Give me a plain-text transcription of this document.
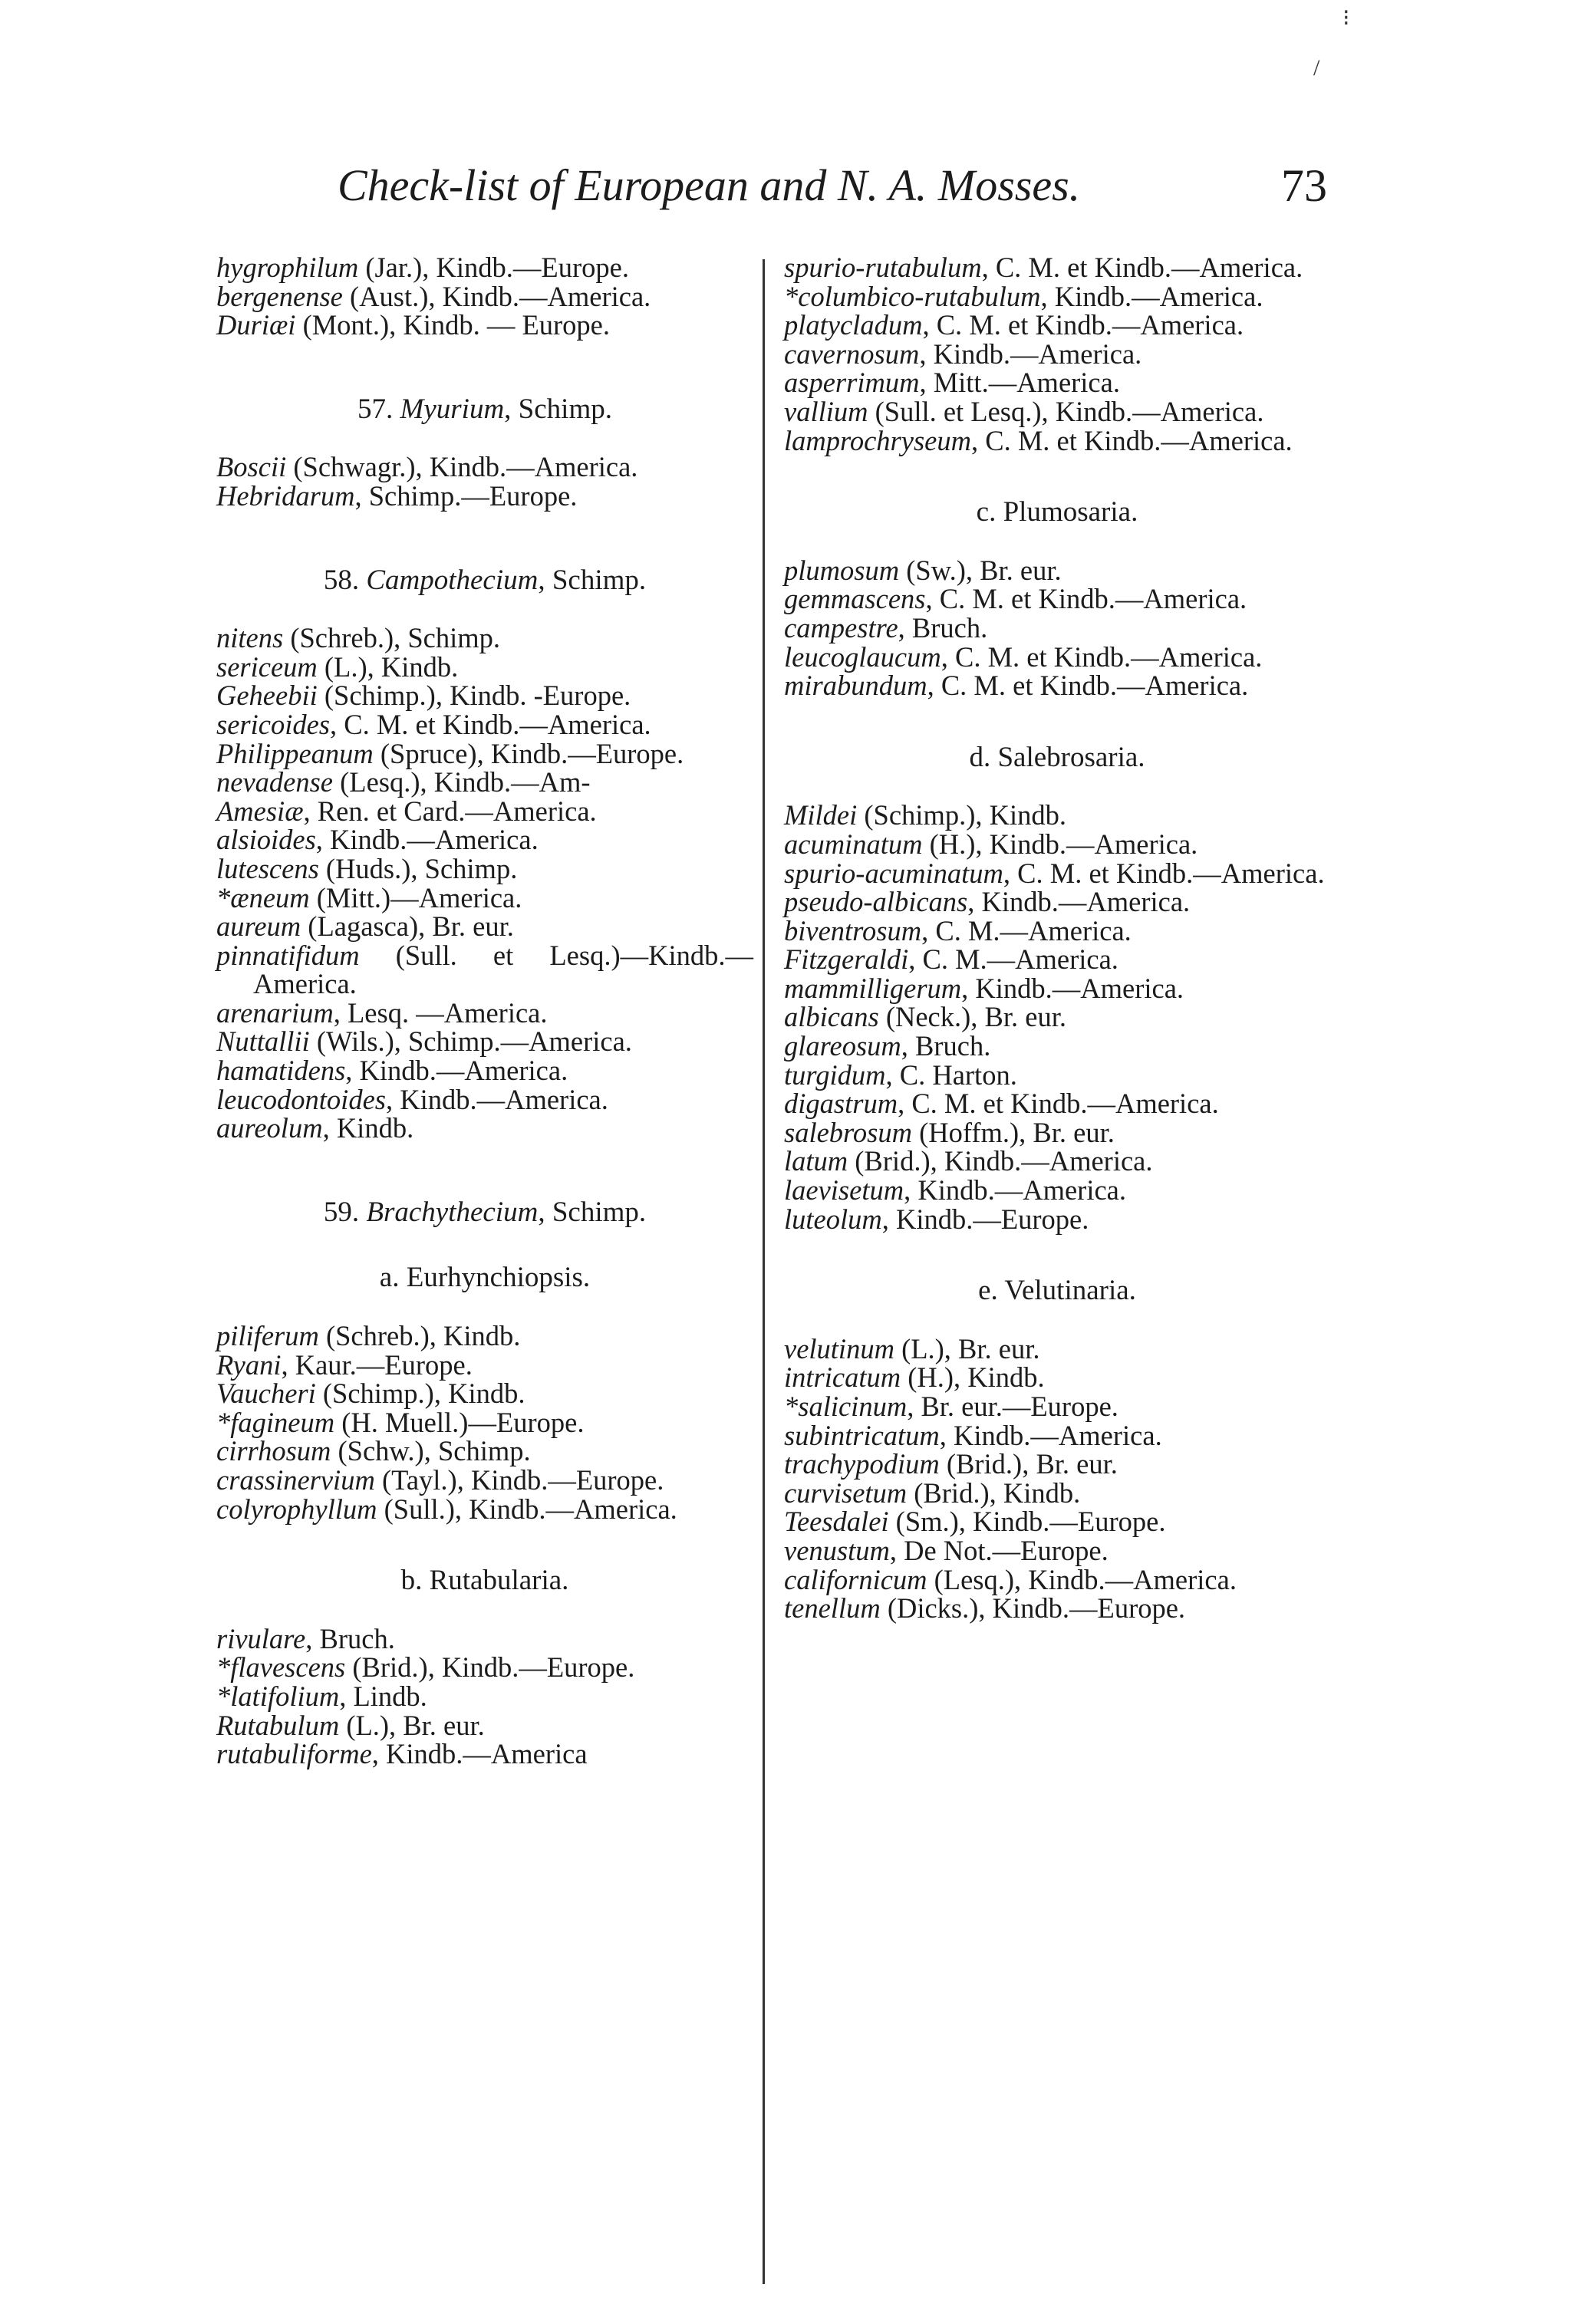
Check-list of European and N. A. Mosses.	73
⁝
/
hygrophilum (Jar.), Kindb.—Europe.
bergenense (Aust.), Kindb.—America.
Duriæi (Mont.), Kindb. — Europe.
57. Myurium, Schimp.
Boscii (Schwagr.), Kindb.—America.
Hebridarum, Schimp.—Europe.
58. Campothecium, Schimp.
nitens (Schreb.), Schimp.
sericeum (L.), Kindb.
Geheebii (Schimp.), Kindb. -Europe.
sericoides, C. M. et Kindb.—America.
Philippeanum (Spruce), Kindb.—Europe.
nevadense (Lesq.), Kindb.—Am-
Amesiæ, Ren. et Card.—America.
alsioides, Kindb.—America.
lutescens (Huds.), Schimp.
*æneum (Mitt.)—America.
aureum (Lagasca), Br. eur.
pinnatifidum (Sull. et Lesq.)—Kindb.—America.
arenarium, Lesq. —America.
Nuttallii (Wils.), Schimp.—America.
hamatidens, Kindb.—America.
leucodontoides, Kindb.—America.
aureolum, Kindb.
59. Brachythecium, Schimp.
a. Eurhynchiopsis.
piliferum (Schreb.), Kindb.
Ryani, Kaur.—Europe.
Vaucheri (Schimp.), Kindb.
*fagineum (H. Muell.)—Europe.
cirrhosum (Schw.), Schimp.
crassinervium (Tayl.), Kindb.—Europe.
colyrophyllum (Sull.), Kindb.—America.
b. Rutabularia.
rivulare, Bruch.
*flavescens (Brid.), Kindb.—Europe.
*latifolium, Lindb.
Rutabulum (L.), Br. eur.
rutabuliforme, Kindb.—America
spurio-rutabulum, C. M. et Kindb.—America.
*columbico-rutabulum, Kindb.—America.
platycladum, C. M. et Kindb.—America.
cavernosum, Kindb.—America.
asperrimum, Mitt.—America.
vallium (Sull. et Lesq.), Kindb.—America.
lamprochryseum, C. M. et Kindb.—America.
c. Plumosaria.
plumosum (Sw.), Br. eur.
gemmascens, C. M. et Kindb.—America.
campestre, Bruch.
leucoglaucum, C. M. et Kindb.—America.
mirabundum, C. M. et Kindb.—America.
d. Salebrosaria.
Mildei (Schimp.), Kindb.
acuminatum (H.), Kindb.—America.
spurio-acuminatum, C. M. et Kindb.—America.
pseudo-albicans, Kindb.—America.
biventrosum, C. M.—America.
Fitzgeraldi, C. M.—America.
mammilligerum, Kindb.—America.
albicans (Neck.), Br. eur.
glareosum, Bruch.
turgidum, C. Harton.
digastrum, C. M. et Kindb.—America.
salebrosum (Hoffm.), Br. eur.
latum (Brid.), Kindb.—America.
laevisetum, Kindb.—America.
luteolum, Kindb.—Europe.
e. Velutinaria.
velutinum (L.), Br. eur.
intricatum (H.), Kindb.
*salicinum, Br. eur.—Europe.
subintricatum, Kindb.—America.
trachypodium (Brid.), Br. eur.
curvisetum (Brid.), Kindb.
Teesdalei (Sm.), Kindb.—Europe.
venustum, De Not.—Europe.
californicum (Lesq.), Kindb.—America.
tenellum (Dicks.), Kindb.—Europe.
